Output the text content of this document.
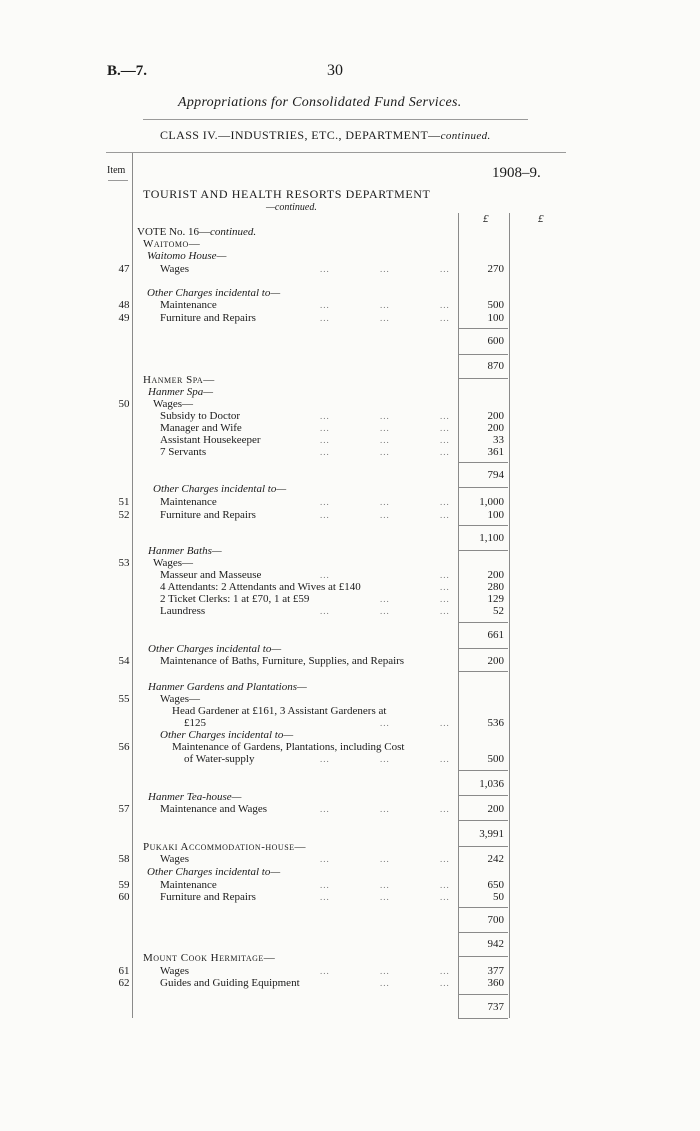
B.—7.	30
Appropriations for Consolidated Fund Services.
CLASS IV.—INDUSTRIES, ETC., DEPARTMENT—continued.
Item	1908–9.
£	£
TOURIST AND HEALTH RESORTS DEPARTMENT
—continued.
VOTE No. 16—continued.
Waitomo—
Waitomo House—
47	Wages	...	...	...	270
Other Charges incidental to—
48	Maintenance	...	...	...	500
49	Furniture and Repairs	...	...	...	100
600
870
Hanmer Spa—
Hanmer Spa—
50 Wages—
Subsidy to Doctor	...	...	...	200
Manager and Wife	...	...	...	200
Assistant Housekeeper	...	...	...	33
7 Servants	...	...	...	361
794
Other Charges incidental to—
51	Maintenance	...	...	...	1,000
52	Furniture and Repairs	...	...	...	100
1,100
Hanmer Baths—
53 Wages—
Masseur and Masseuse	...	...	200
4 Attendants: 2 Attendants and Wives at £140	...	280
2 Ticket Clerks: 1 at £70, 1 at £59	...	...	129
Laundress	...	...	...	52
661
Other Charges incidental to—
54	Maintenance of Baths, Furniture, Supplies, and Repairs	200
Hanmer Gardens and Plantations—
55	Wages—
Head Gardener at £161, 3 Assistant Gardeners at
£125	...	...	536
Other Charges incidental to—
56	Maintenance of Gardens, Plantations, including Cost
of Water-supply	...	...	...	500
1,036
Hanmer Tea-house—
57	Maintenance and Wages	...	...	...	200
3,991
Pukaki Accommodation-house—
58	Wages	...	...	...	242
Other Charges incidental to—
59	Maintenance	...	...	...	650
60	Furniture and Repairs	...	...	...	50
700
942
Mount Cook Hermitage—
61	Wages	...	...	...	377
62	Guides and Guiding Equipment	...	...	360
737
